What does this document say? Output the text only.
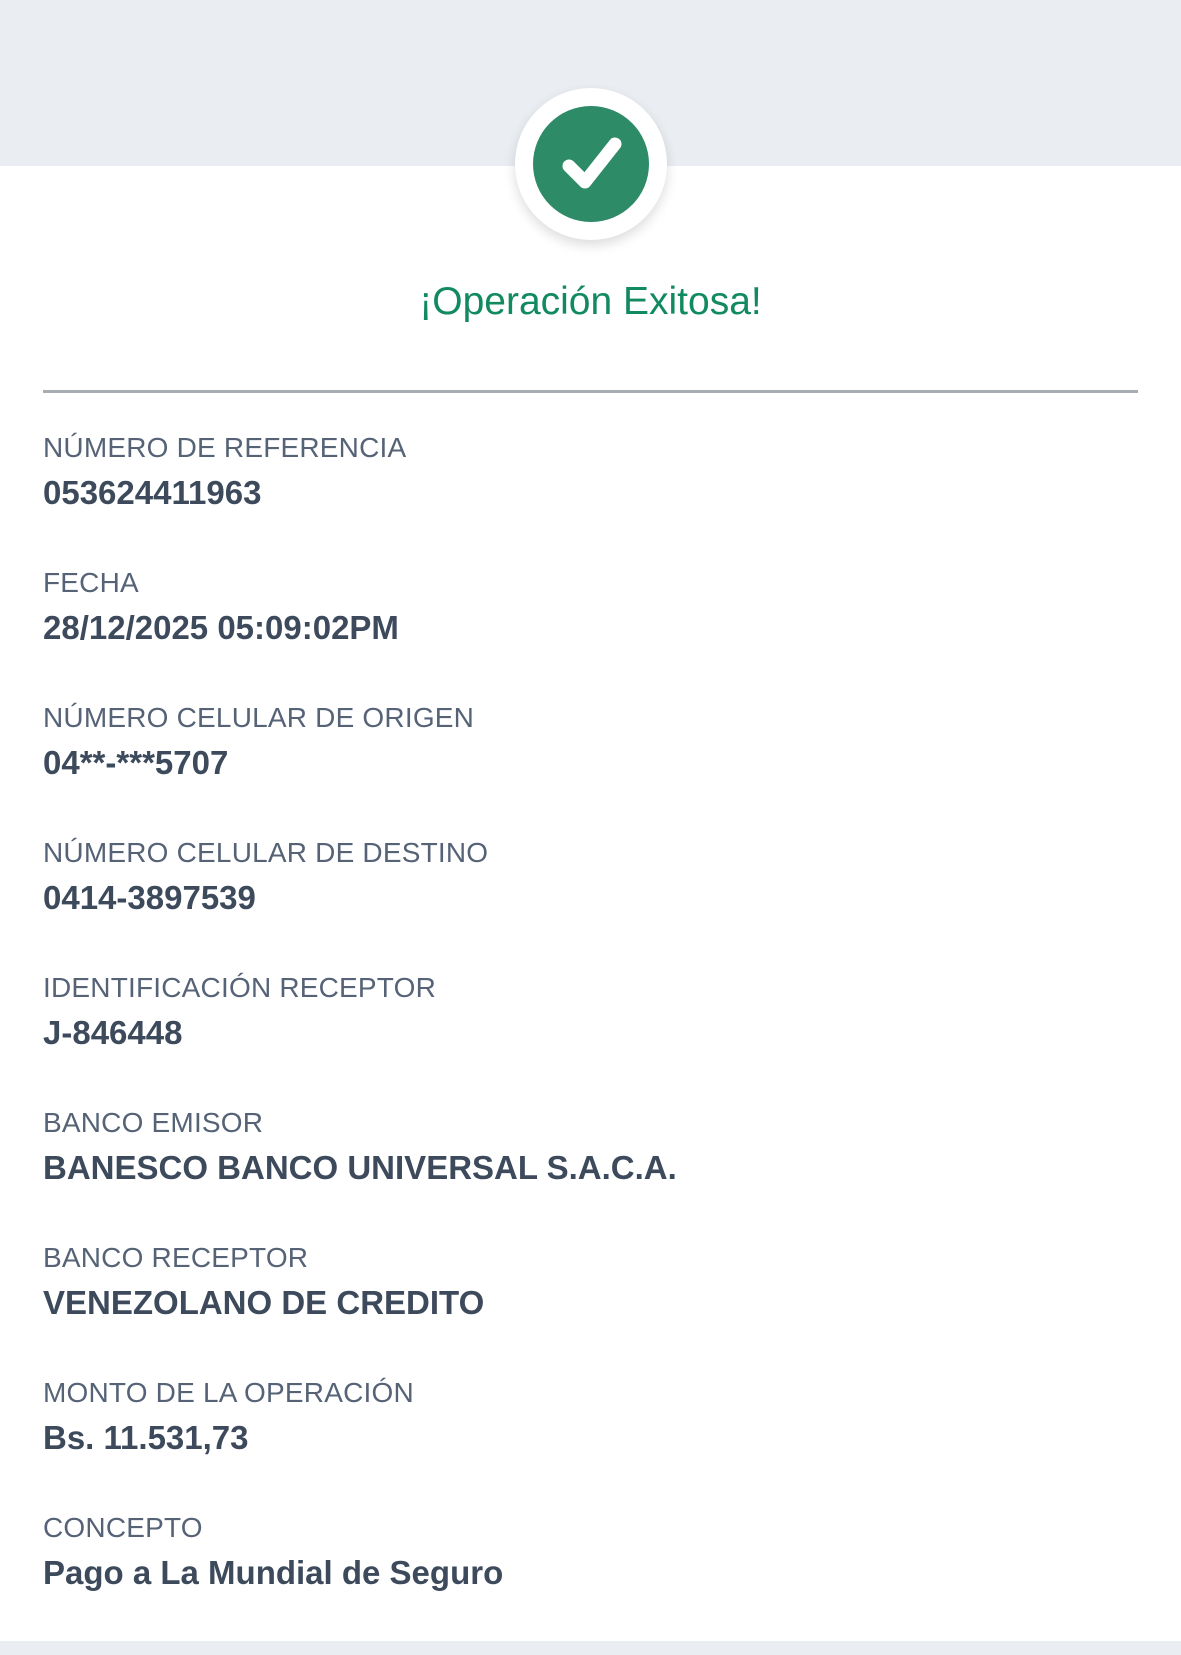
¡Operación Exitosa!
NÚMERO DE REFERENCIA
053624411963
FECHA
28/12/2025 05:09:02PM
NÚMERO CELULAR DE ORIGEN
04**-***5707
NÚMERO CELULAR DE DESTINO
0414-3897539
IDENTIFICACIÓN RECEPTOR
J-846448
BANCO EMISOR
BANESCO BANCO UNIVERSAL S.A.C.A.
BANCO RECEPTOR
VENEZOLANO DE CREDITO
MONTO DE LA OPERACIÓN
Bs. 11.531,73
CONCEPTO
Pago a La Mundial de Seguro
